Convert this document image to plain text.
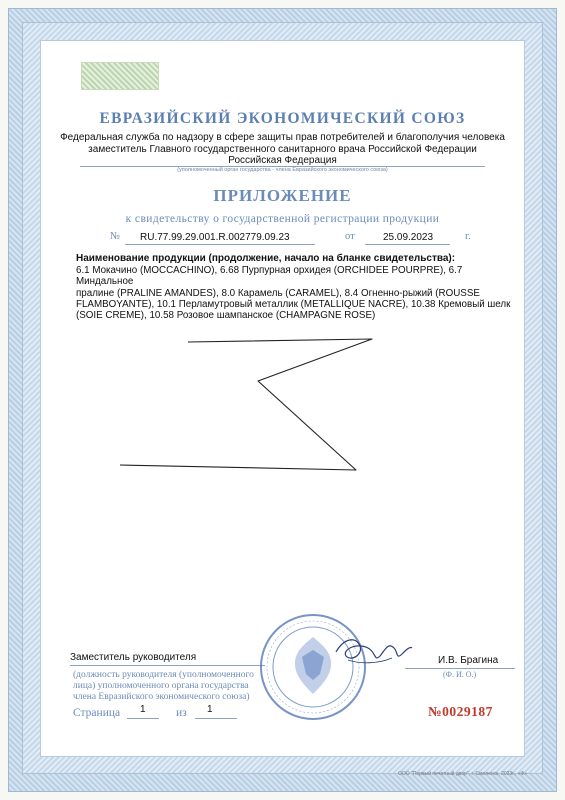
ЕВРАЗИЙСКИЙ ЭКОНОМИЧЕСКИЙ СОЮЗ
Федеральная служба по надзору в сфере защиты прав потребителей и благополучия человека
заместитель Главного государственного санитарного врача Российской Федерации
Российская Федерация
(уполномоченный орган государства - члена Евразийского экономического союза)
ПРИЛОЖЕНИЕ
к свидетельству о государственной регистрации продукции
№ RU.77.99.29.001.R.002779.09.23	от	25.09.2023	г.
Наименование продукции (продолжение, начало на бланке свидетельства):
6.1 Мокачино (MOCCACHINO), 6.68 Пурпурная орхидея (ORCHIDEE POURPRE), 6.7 Миндальное
пралине (PRALINE AMANDES), 8.0 Карамель (CARAMEL), 8.4 Огненно-рыжий (ROUSSE
FLAMBOYANTE), 10.1 Перламутровый металлик (METALLIQUE NACRE), 10.38 Кремовый шелк
(SOIE CREME), 10.58 Розовое шампанское (CHAMPAGNE ROSE)
Заместитель руководителя	И.В. Брагина
(Ф. И. О.)
(должность руководителя (уполномоченного
лица) уполномоченного органа государства
члена Евразийского экономического союза)
Страница 1	из 1	№0029187
ООО "Первый печатный двор", г. Смоленск, 2023г., «Ф»
